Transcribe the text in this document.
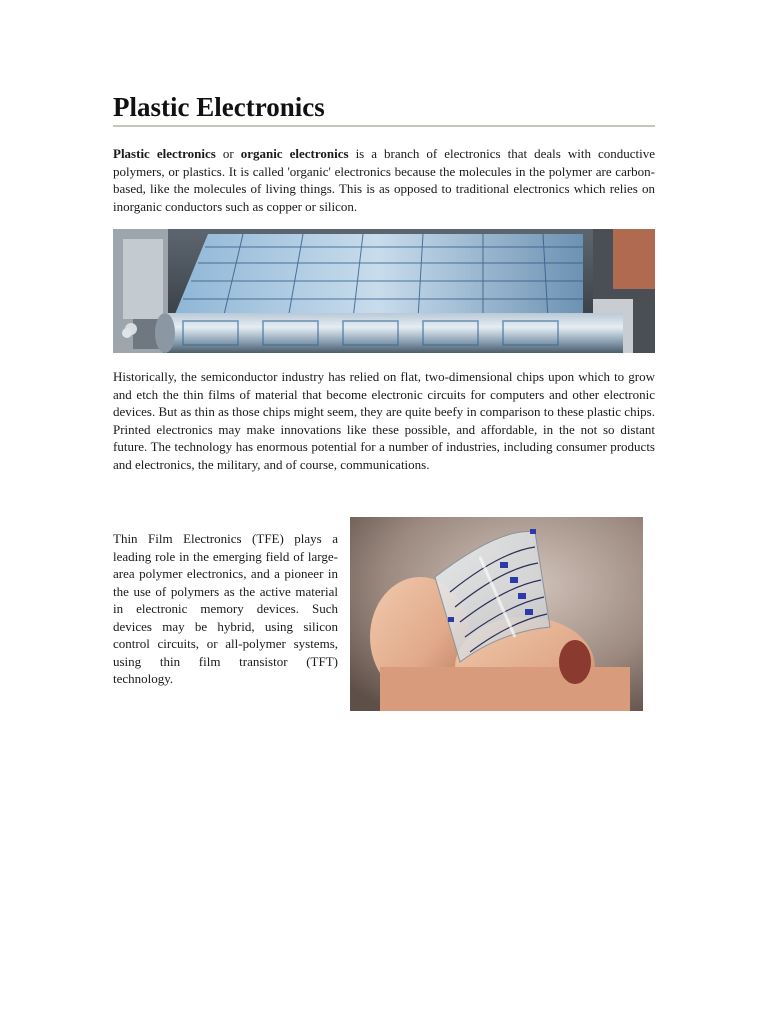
Plastic Electronics

Plastic electronics or organic electronics is a branch of electronics that deals with conductive polymers, or plastics. It is called 'organic' electronics because the molecules in the polymer are carbon-based, like the molecules of living things. This is as opposed to traditional electronics which relies on inorganic conductors such as copper or silicon.

Historically, the semiconductor industry has relied on flat, two-dimensional chips upon which to grow and etch the thin films of material that become electronic circuits for computers and other electronic devices. But as thin as those chips might seem, they are quite beefy in comparison to these plastic chips. Printed electronics may make innovations like these possible, and affordable, in the not so distant future. The technology has enormous potential for a number of industries, including consumer products and electronics, the military, and of course, communications.

Thin Film Electronics (TFE) plays a leading role in the emerging field of large-area polymer electronics, and a pioneer in the use of polymers as the active material in electronic memory devices. Such devices may be hybrid, using silicon control circuits, or all-polymer systems, using thin film transistor (TFT) technology.
